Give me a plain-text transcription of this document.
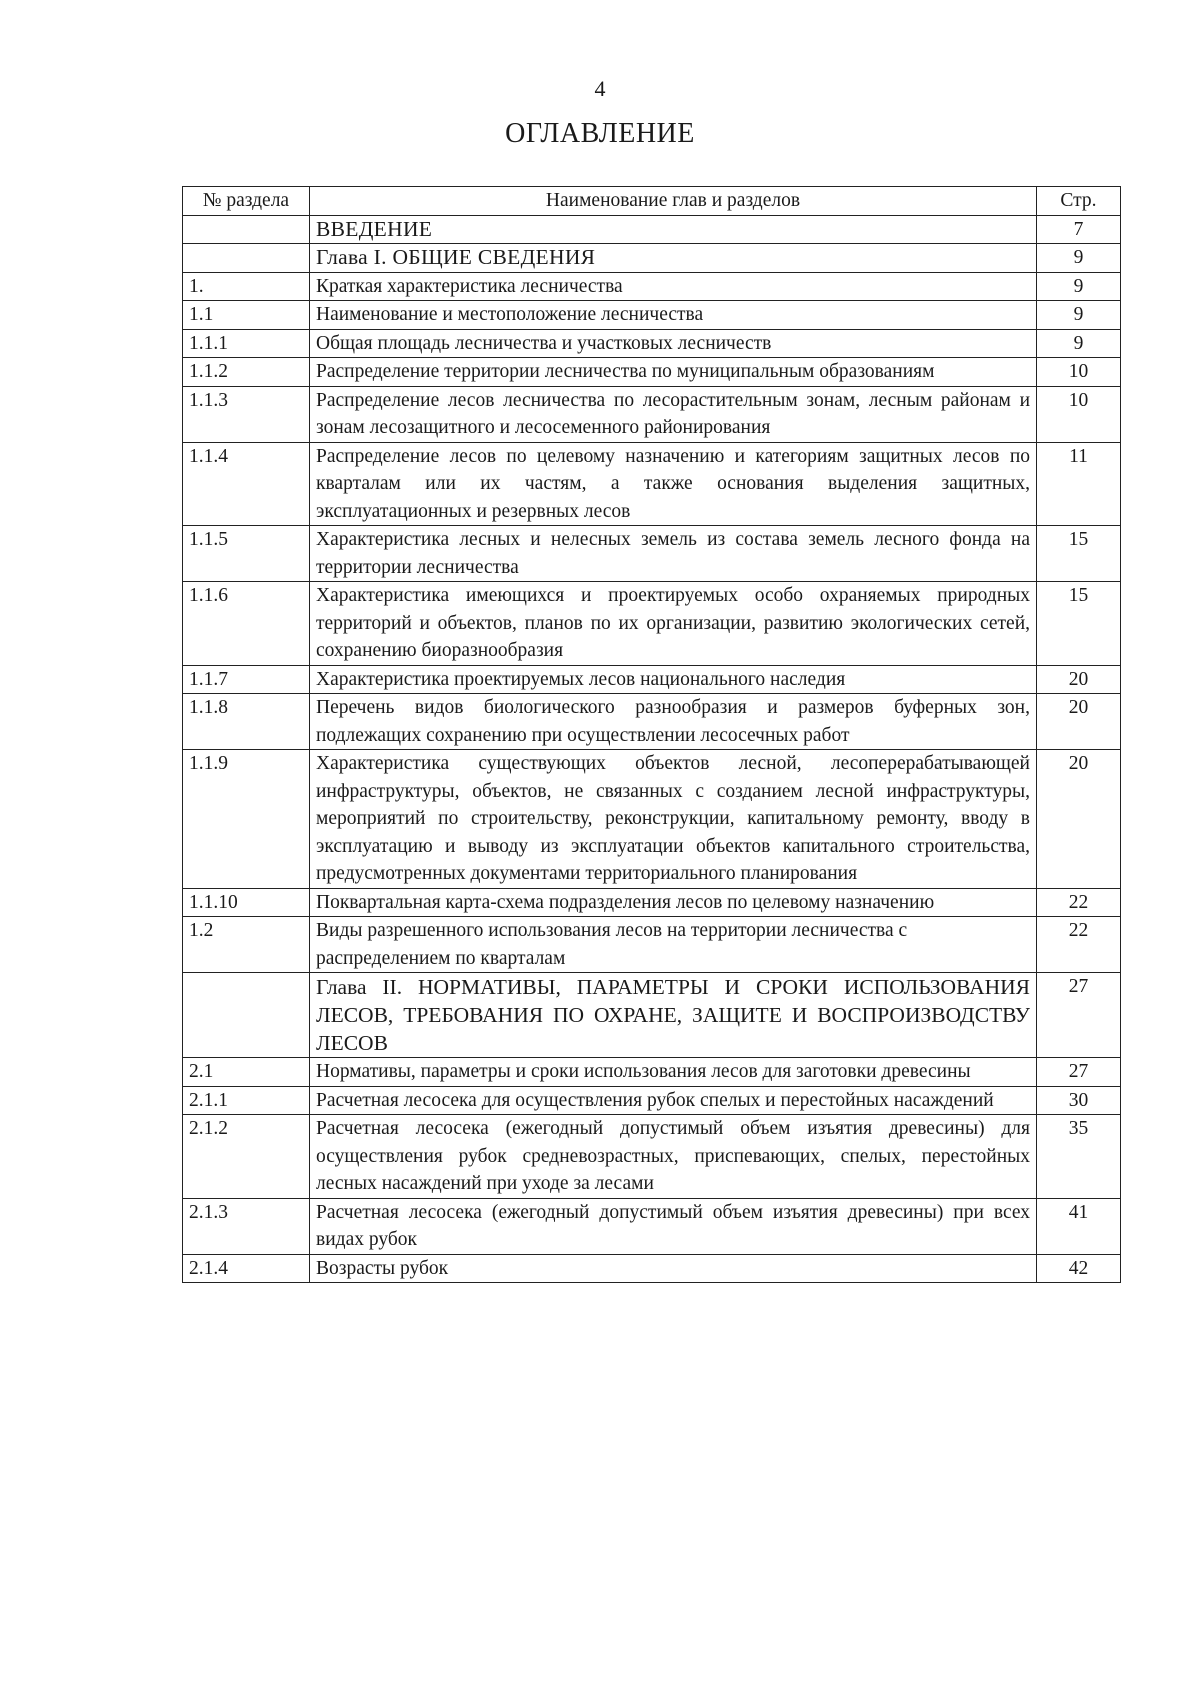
4
ОГЛАВЛЕНИЕ
№ раздела	Наименование глав и разделов	Стр.
	ВВЕДЕНИЕ	7
	Глава I. ОБЩИЕ СВЕДЕНИЯ	9
1.	Краткая характеристика лесничества	9
1.1	Наименование и местоположение лесничества	9
1.1.1	Общая площадь лесничества и участковых лесничеств	9
1.1.2	Распределение территории лесничества по муниципальным образованиям	10
1.1.3	Распределение лесов лесничества по лесорастительным зонам, лесным районам и зонам лесозащитного и лесосеменного районирования	10
1.1.4	Распределение лесов по целевому назначению и категориям защитных лесов по кварталам или их частям, а также основания выделения защитных, эксплуатационных и резервных лесов	11
1.1.5	Характеристика лесных и нелесных земель из состава земель лесного фонда на территории лесничества	15
1.1.6	Характеристика имеющихся и проектируемых особо охраняемых природных территорий и объектов, планов по их организации, развитию экологических сетей, сохранению биоразнообразия	15
1.1.7	Характеристика проектируемых лесов национального наследия	20
1.1.8	Перечень видов биологического разнообразия и размеров буферных зон, подлежащих сохранению при осуществлении лесосечных работ	20
1.1.9	Характеристика существующих объектов лесной, лесоперерабатывающей инфраструктуры, объектов, не связанных с созданием лесной инфраструктуры, мероприятий по строительству, реконструкции, капитальному ремонту, вводу в эксплуатацию и выводу из эксплуатации объектов капитального строительства, предусмотренных документами территориального планирования	20
1.1.10	Поквартальная карта-схема подразделения лесов по целевому назначению	22
1.2	Виды разрешенного использования лесов на территории лесничества с распределением по кварталам	22
	Глава II. НОРМАТИВЫ, ПАРАМЕТРЫ И СРОКИ ИСПОЛЬЗОВАНИЯ ЛЕСОВ, ТРЕБОВАНИЯ ПО ОХРАНЕ, ЗАЩИТЕ И ВОСПРОИЗВОДСТВУ ЛЕСОВ	27
2.1	Нормативы, параметры и сроки использования лесов для заготовки древесины	27
2.1.1	Расчетная лесосека для осуществления рубок спелых и перестойных насаждений	30
2.1.2	Расчетная лесосека (ежегодный допустимый объем изъятия древесины) для осуществления рубок средневозрастных, приспевающих, спелых, перестойных лесных насаждений при уходе за лесами	35
2.1.3	Расчетная лесосека (ежегодный допустимый объем изъятия древесины) при всех видах рубок	41
2.1.4	Возрасты рубок	42
